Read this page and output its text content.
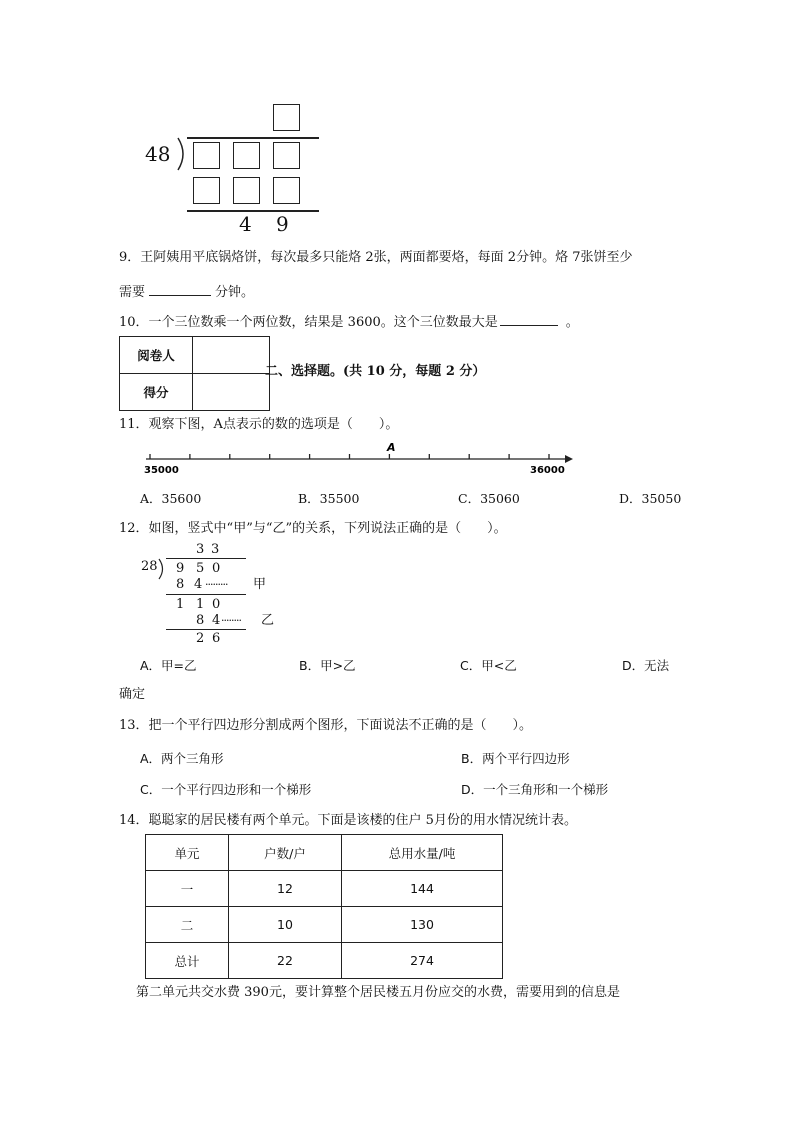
48
4 9
9．王阿姨用平底锅烙饼，每次最多只能烙 2张，两面都要烙，每面 2分钟。烙 7张饼至少
需要	分钟。
10．一个三位数乘一个两位数，结果是 3600。这个三位数最大是	。
阅卷人	
得分	
二、选择题。(共 10 分，每题 2 分）
11．观察下图，A点表示的数的选项是（　　）。
A
35000	36000
A．35600	B．35500	C．35060	D．35050
12．如图，竖式中“甲”与“乙”的关系，下列说法正确的是（　　）。
3 3
28 9 5 0
8 4 ········· 甲
1 1 0
8 4 ········ 乙
2 6
A．甲=乙	B．甲>乙	C．甲<乙	D．无法
确定
13．把一个平行四边形分割成两个图形，下面说法不正确的是（　　）。
A．两个三角形	B．两个平行四边形
C．一个平行四边形和一个梯形	D．一个三角形和一个梯形
14．聪聪家的居民楼有两个单元。下面是该楼的住户 5月份的用水情况统计表。
单元	户数/户	总用水量/吨
一	12	144
二	10	130
总计	22	274
第二单元共交水费 390元，要计算整个居民楼五月份应交的水费，需要用到的信息是
